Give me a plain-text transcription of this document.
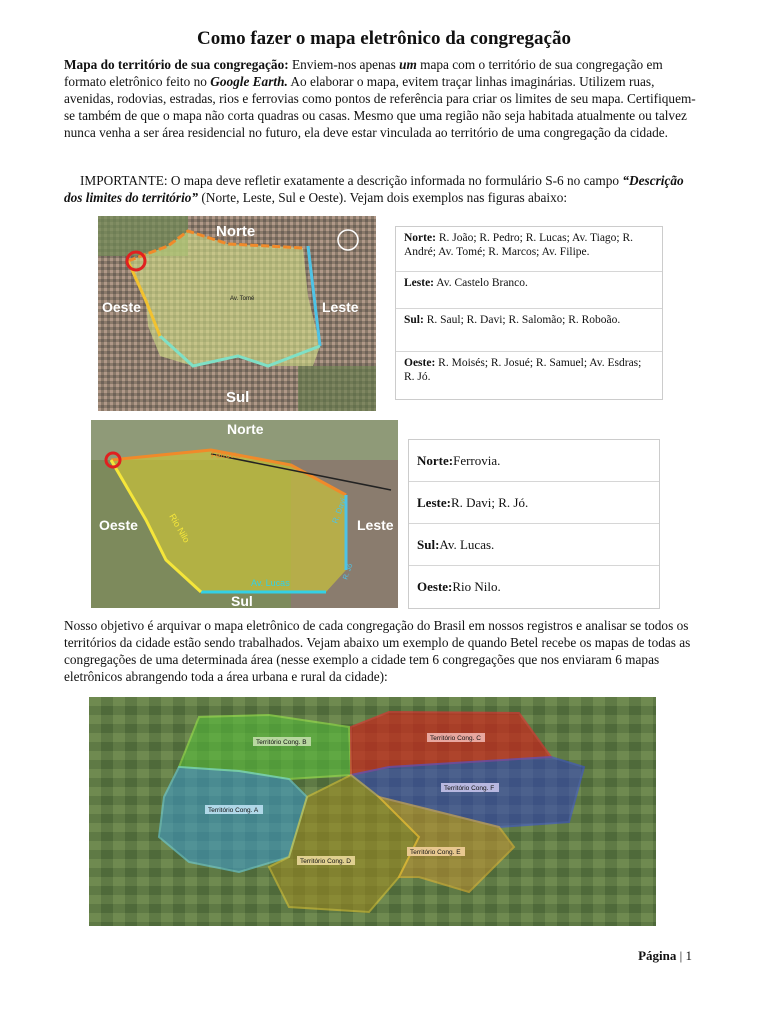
Como fazer o mapa eletrônico da congregação
Mapa do território de sua congregação: Enviem-nos apenas um mapa com o território de sua congregação em formato eletrônico feito no Google Earth. Ao elaborar o mapa, evitem traçar linhas imaginárias. Utilizem ruas, avenidas, rodovias, estradas, rios e ferrovias como pontos de referência para criar os limites de seu mapa. Certifiquem-se também de que o mapa não corta quadras ou casas. Mesmo que uma região não seja habitada atualmente ou talvez nunca venha a ser área residencial no futuro, ela deve estar vinculada ao território de uma congregação da cidade.
IMPORTANTE: O mapa deve refletir exatamente a descrição informada no formulário S-6 no campo “Descrição dos limites do território” (Norte, Leste, Sul e Oeste). Vejam dois exemplos nas figuras abaixo:
Norte
Leste
Oeste
Sul
Av. Tomé
Norte: R. João; R. Pedro; R. Lucas; Av. Tiago; R. André; Av. Tomé; R. Marcos; Av. Filipe.
Leste: Av. Castelo Branco.
Sul: R. Saul; R. Davi; R. Salomão; R. Roboão.
Oeste: R. Moisés; R. Josué; R. Samuel; Av. Esdras; R. Jó.
Norte
Ferrovia
Leste
Oeste
Sul
Rio Nilo
R. Davi
R. Jó
Av. Lucas
Norte: Ferrovia.
Leste: R. Davi; R. Jó.
Sul: Av. Lucas.
Oeste: Rio Nilo.
Nosso objetivo é arquivar o mapa eletrônico de cada congregação do Brasil em nossos registros e analisar se todos os territórios da cidade estão sendo trabalhados. Vejam abaixo um exemplo de quando Betel recebe os mapas de todas as congregações de uma determinada área (nesse exemplo a cidade tem 6 congregações que nos enviaram 6 mapas eletrônicos abrangendo toda a área urbana e rural da cidade):
Território Cong. B
Território Cong. C
Território Cong. F
Território Cong. A
Território Cong. D
Território Cong. E
Página | 1
